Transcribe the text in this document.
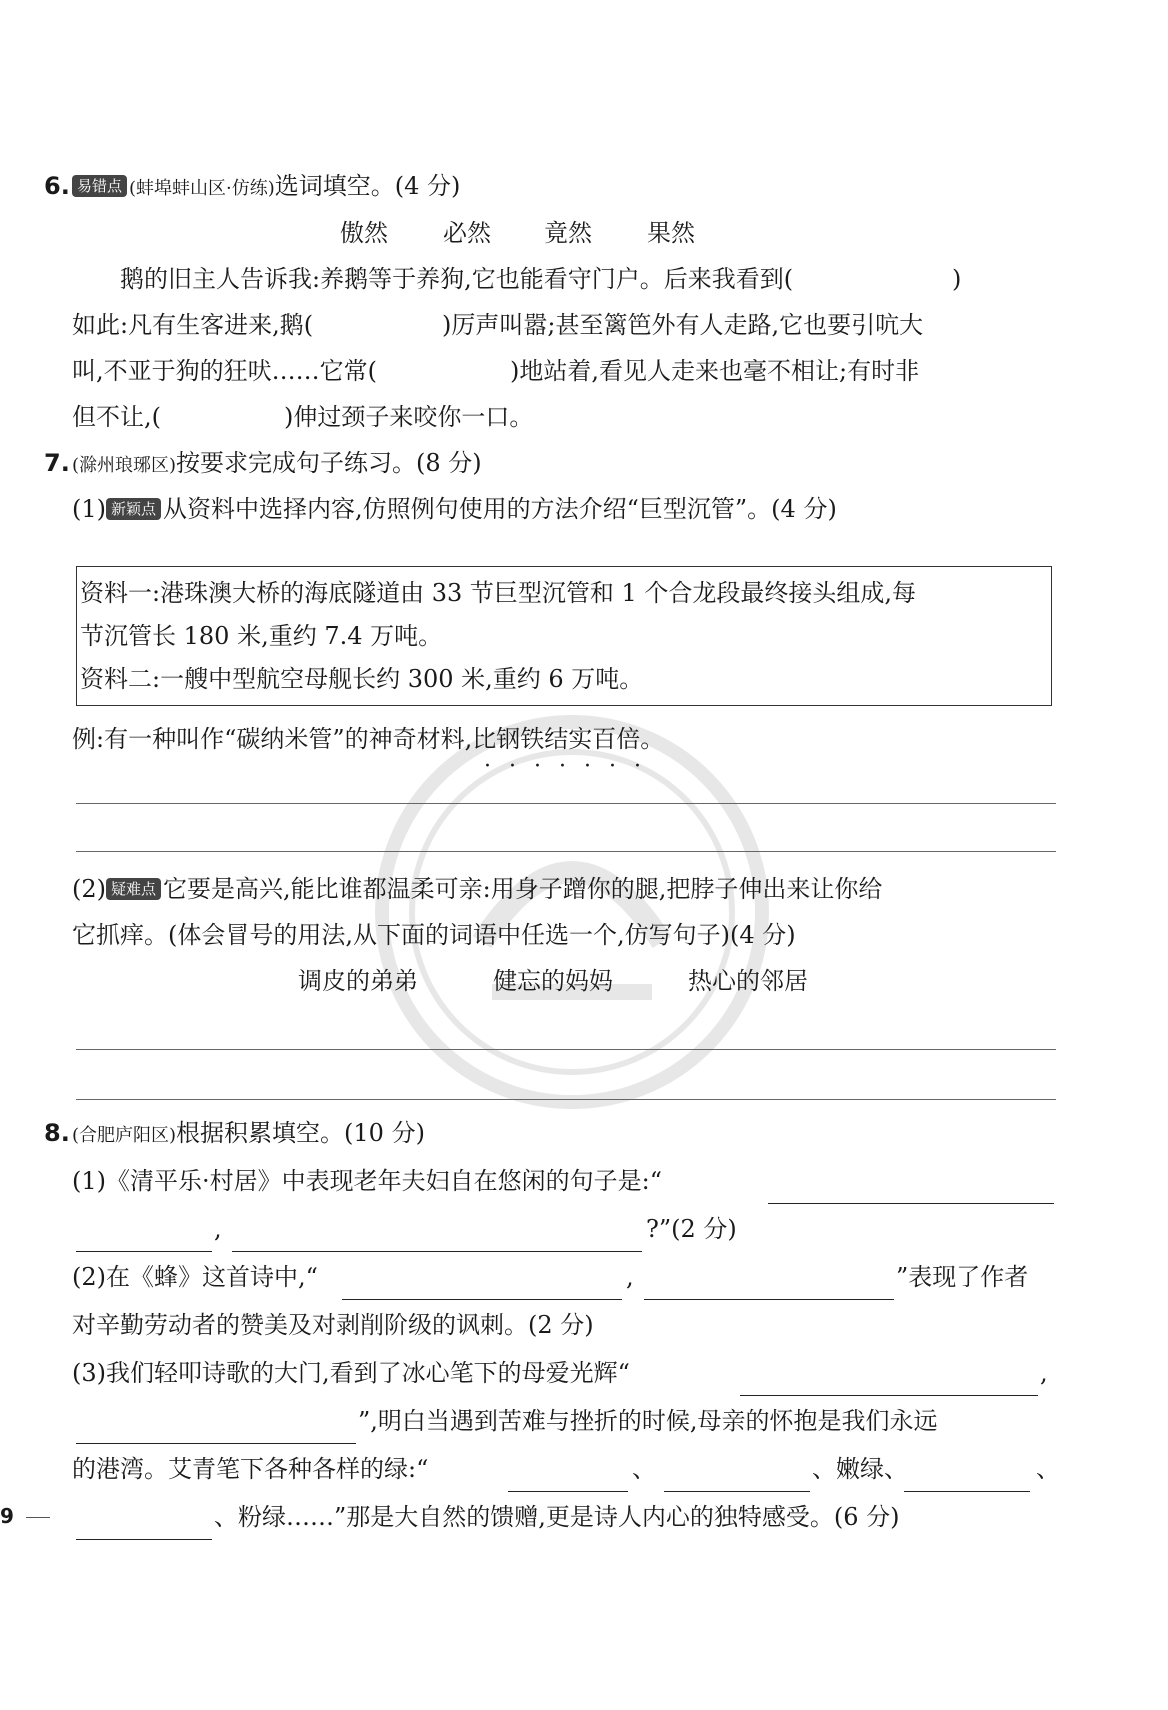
6. 易错点 (蚌埠蚌山区·仿练)选词填空。(4 分)
傲然 必然 竟然 果然
鹅的旧主人告诉我:养鹅等于养狗,它也能看守门户。后来我看到(	)
如此:凡有生客进来,鹅(	)厉声叫嚣;甚至篱笆外有人走路,它也要引吭大
叫,不亚于狗的狂吠……它常(	)地站着,看见人走来也毫不相让;有时非
但不让,(	)伸过颈子来咬你一口。
7. (滁州琅琊区)按要求完成句子练习。(8 分)
(1) 新颖点 从资料中选择内容,仿照例句使用的方法介绍“巨型沉管”。(4 分)
资料一:港珠澳大桥的海底隧道由 33 节巨型沉管和 1 个合龙段最终接头组成,每
节沉管长 180 米,重约 7.4 万吨。
资料二:一艘中型航空母舰长约 300 米,重约 6 万吨。
例:有一种叫作“碳纳米管”的神奇材料,比钢铁结实百倍。
·······
(2) 疑难点 它要是高兴,能比谁都温柔可亲:用身子蹭你的腿,把脖子伸出来让你给
它抓痒。(体会冒号的用法,从下面的词语中任选一个,仿写句子)(4 分)
调皮的弟弟	健忘的妈妈	热心的邻居
8. (合肥庐阳区)根据积累填空。(10 分)
(1)《清平乐·村居》中表现老年夫妇自在悠闲的句子是:“
,	?”(2 分)
(2)在《蜂》这首诗中,“	,	”表现了作者
对辛勤劳动者的赞美及对剥削阶级的讽刺。(2 分)
(3)我们轻叩诗歌的大门,看到了冰心笔下的母爱光辉“	,
”,明白当遇到苦难与挫折的时候,母亲的怀抱是我们永远
的港湾。艾青笔下各种各样的绿:“	、	、嫩绿、	、
、粉绿……”那是大自然的馈赠,更是诗人内心的独特感受。(6 分)
9
